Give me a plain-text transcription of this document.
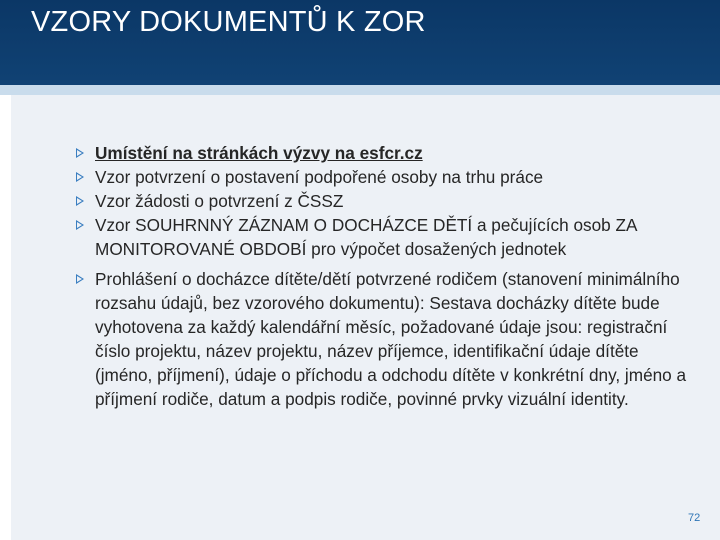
VZORY DOKUMENTŮ K ZOR
Umístění na stránkách výzvy na esfcr.cz
Vzor potvrzení o postavení podpořené osoby na trhu práce
Vzor žádosti o potvrzení z ČSSZ
Vzor SOUHRNNÝ ZÁZNAM O DOCHÁZCE DĚTÍ a pečujících osob ZA MONITOROVANÉ OBDOBÍ pro výpočet dosažených jednotek
Prohlášení o docházce dítěte/dětí potvrzené rodičem (stanovení minimálního rozsahu údajů, bez vzorového dokumentu): Sestava docházky dítěte bude vyhotovena za každý kalendářní měsíc, požadované údaje jsou: registrační číslo projektu, název projektu, název příjemce, identifikační údaje dítěte (jméno, příjmení), údaje o příchodu a odchodu dítěte v konkrétní dny, jméno a příjmení rodiče, datum a podpis rodiče, povinné prvky vizuální identity.
72
